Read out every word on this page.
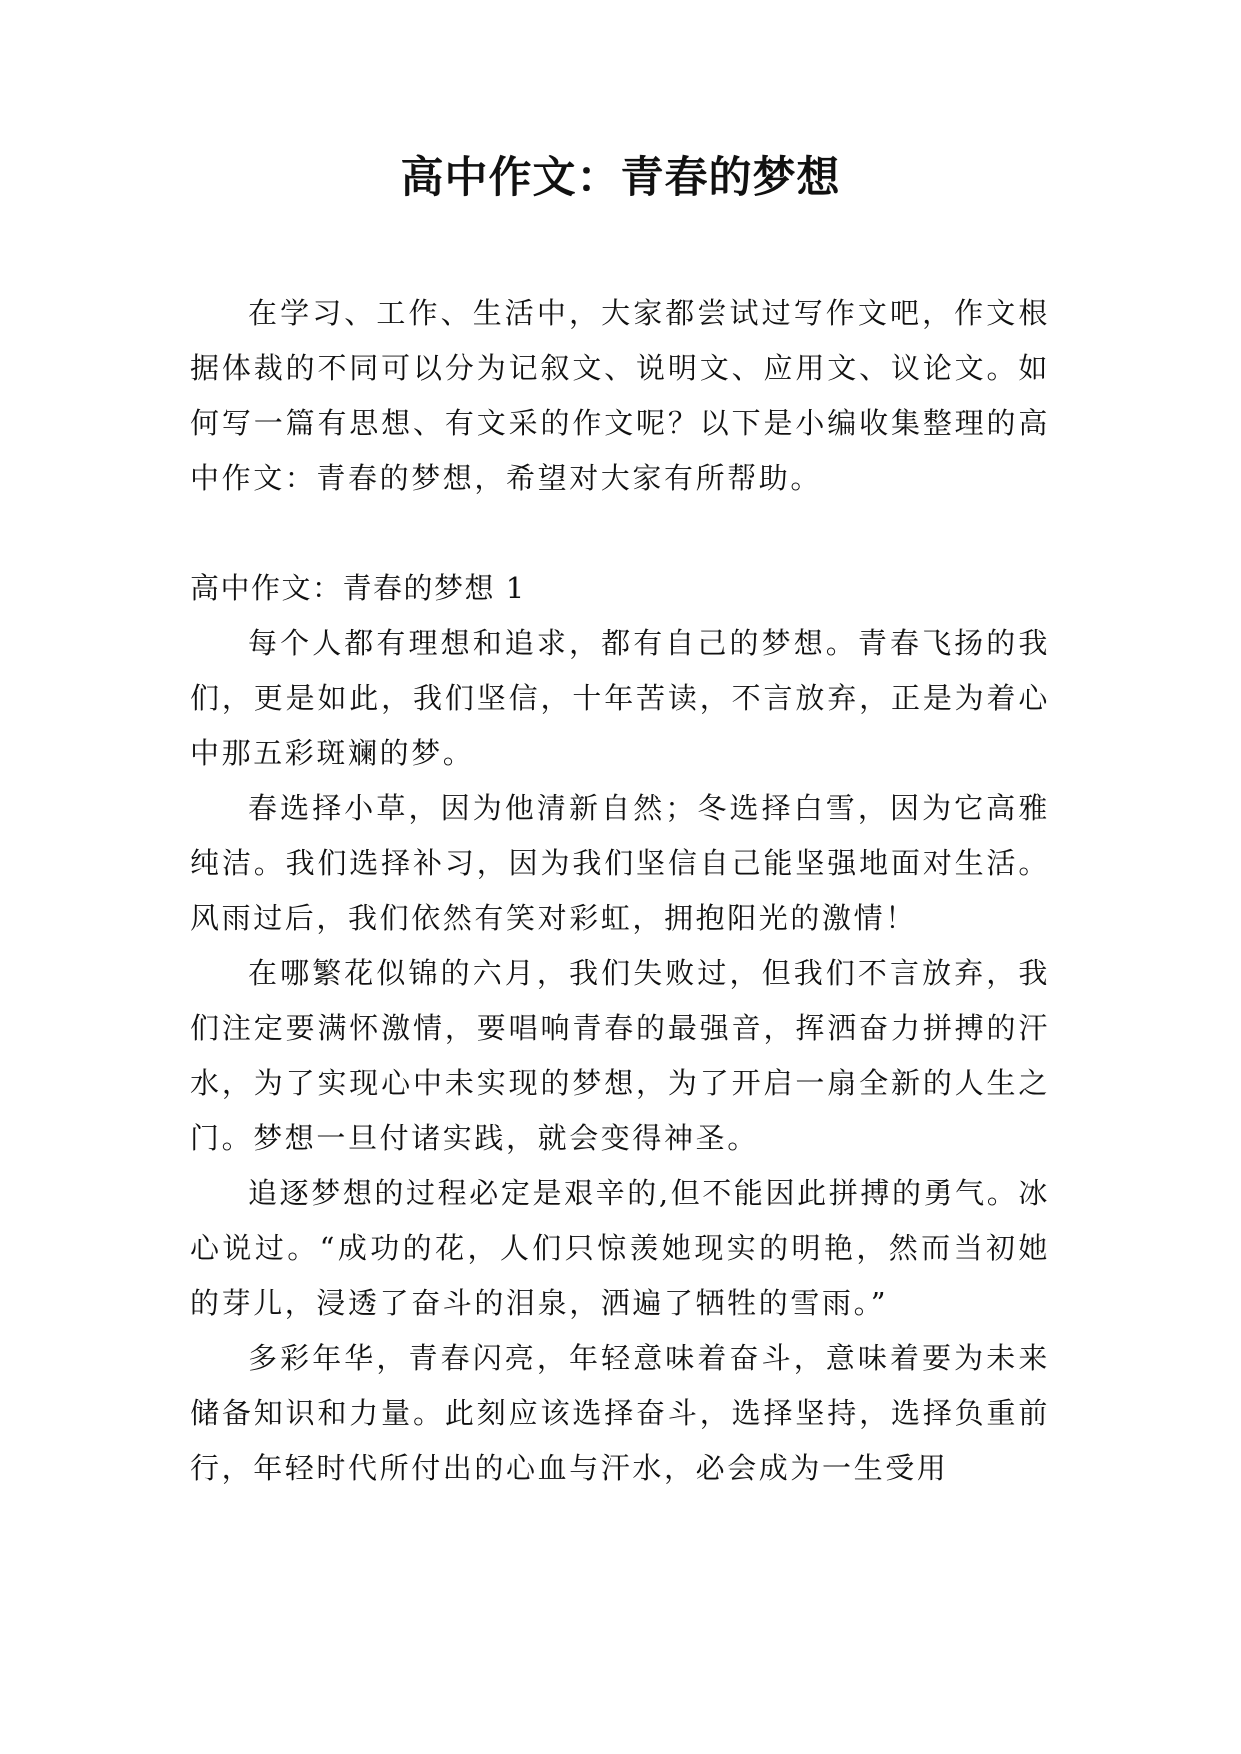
高中作文：青春的梦想

在学习、工作、生活中，大家都尝试过写作文吧，作文根据体裁的不同可以分为记叙文、说明文、应用文、议论文。如何写一篇有思想、有文采的作文呢？以下是小编收集整理的高中作文：青春的梦想，希望对大家有所帮助。

高中作文：青春的梦想 1

每个人都有理想和追求，都有自己的梦想。青春飞扬的我们，更是如此，我们坚信，十年苦读，不言放弃，正是为着心中那五彩斑斓的梦。

春选择小草，因为他清新自然；冬选择白雪，因为它高雅纯洁。我们选择补习，因为我们坚信自己能坚强地面对生活。风雨过后，我们依然有笑对彩虹，拥抱阳光的激情！

在哪繁花似锦的六月，我们失败过，但我们不言放弃，我们注定要满怀激情，要唱响青春的最强音，挥洒奋力拼搏的汗水，为了实现心中未实现的梦想，为了开启一扇全新的人生之门。梦想一旦付诸实践，就会变得神圣。

追逐梦想的过程必定是艰辛的,但不能因此拼搏的勇气。冰心说过。“成功的花，人们只惊羡她现实的明艳，然而当初她的芽儿，浸透了奋斗的泪泉，洒遍了牺牲的雪雨。”

多彩年华，青春闪亮，年轻意味着奋斗，意味着要为未来储备知识和力量。此刻应该选择奋斗，选择坚持，选择负重前行，年轻时代所付出的心血与汗水，必会成为一生受用
